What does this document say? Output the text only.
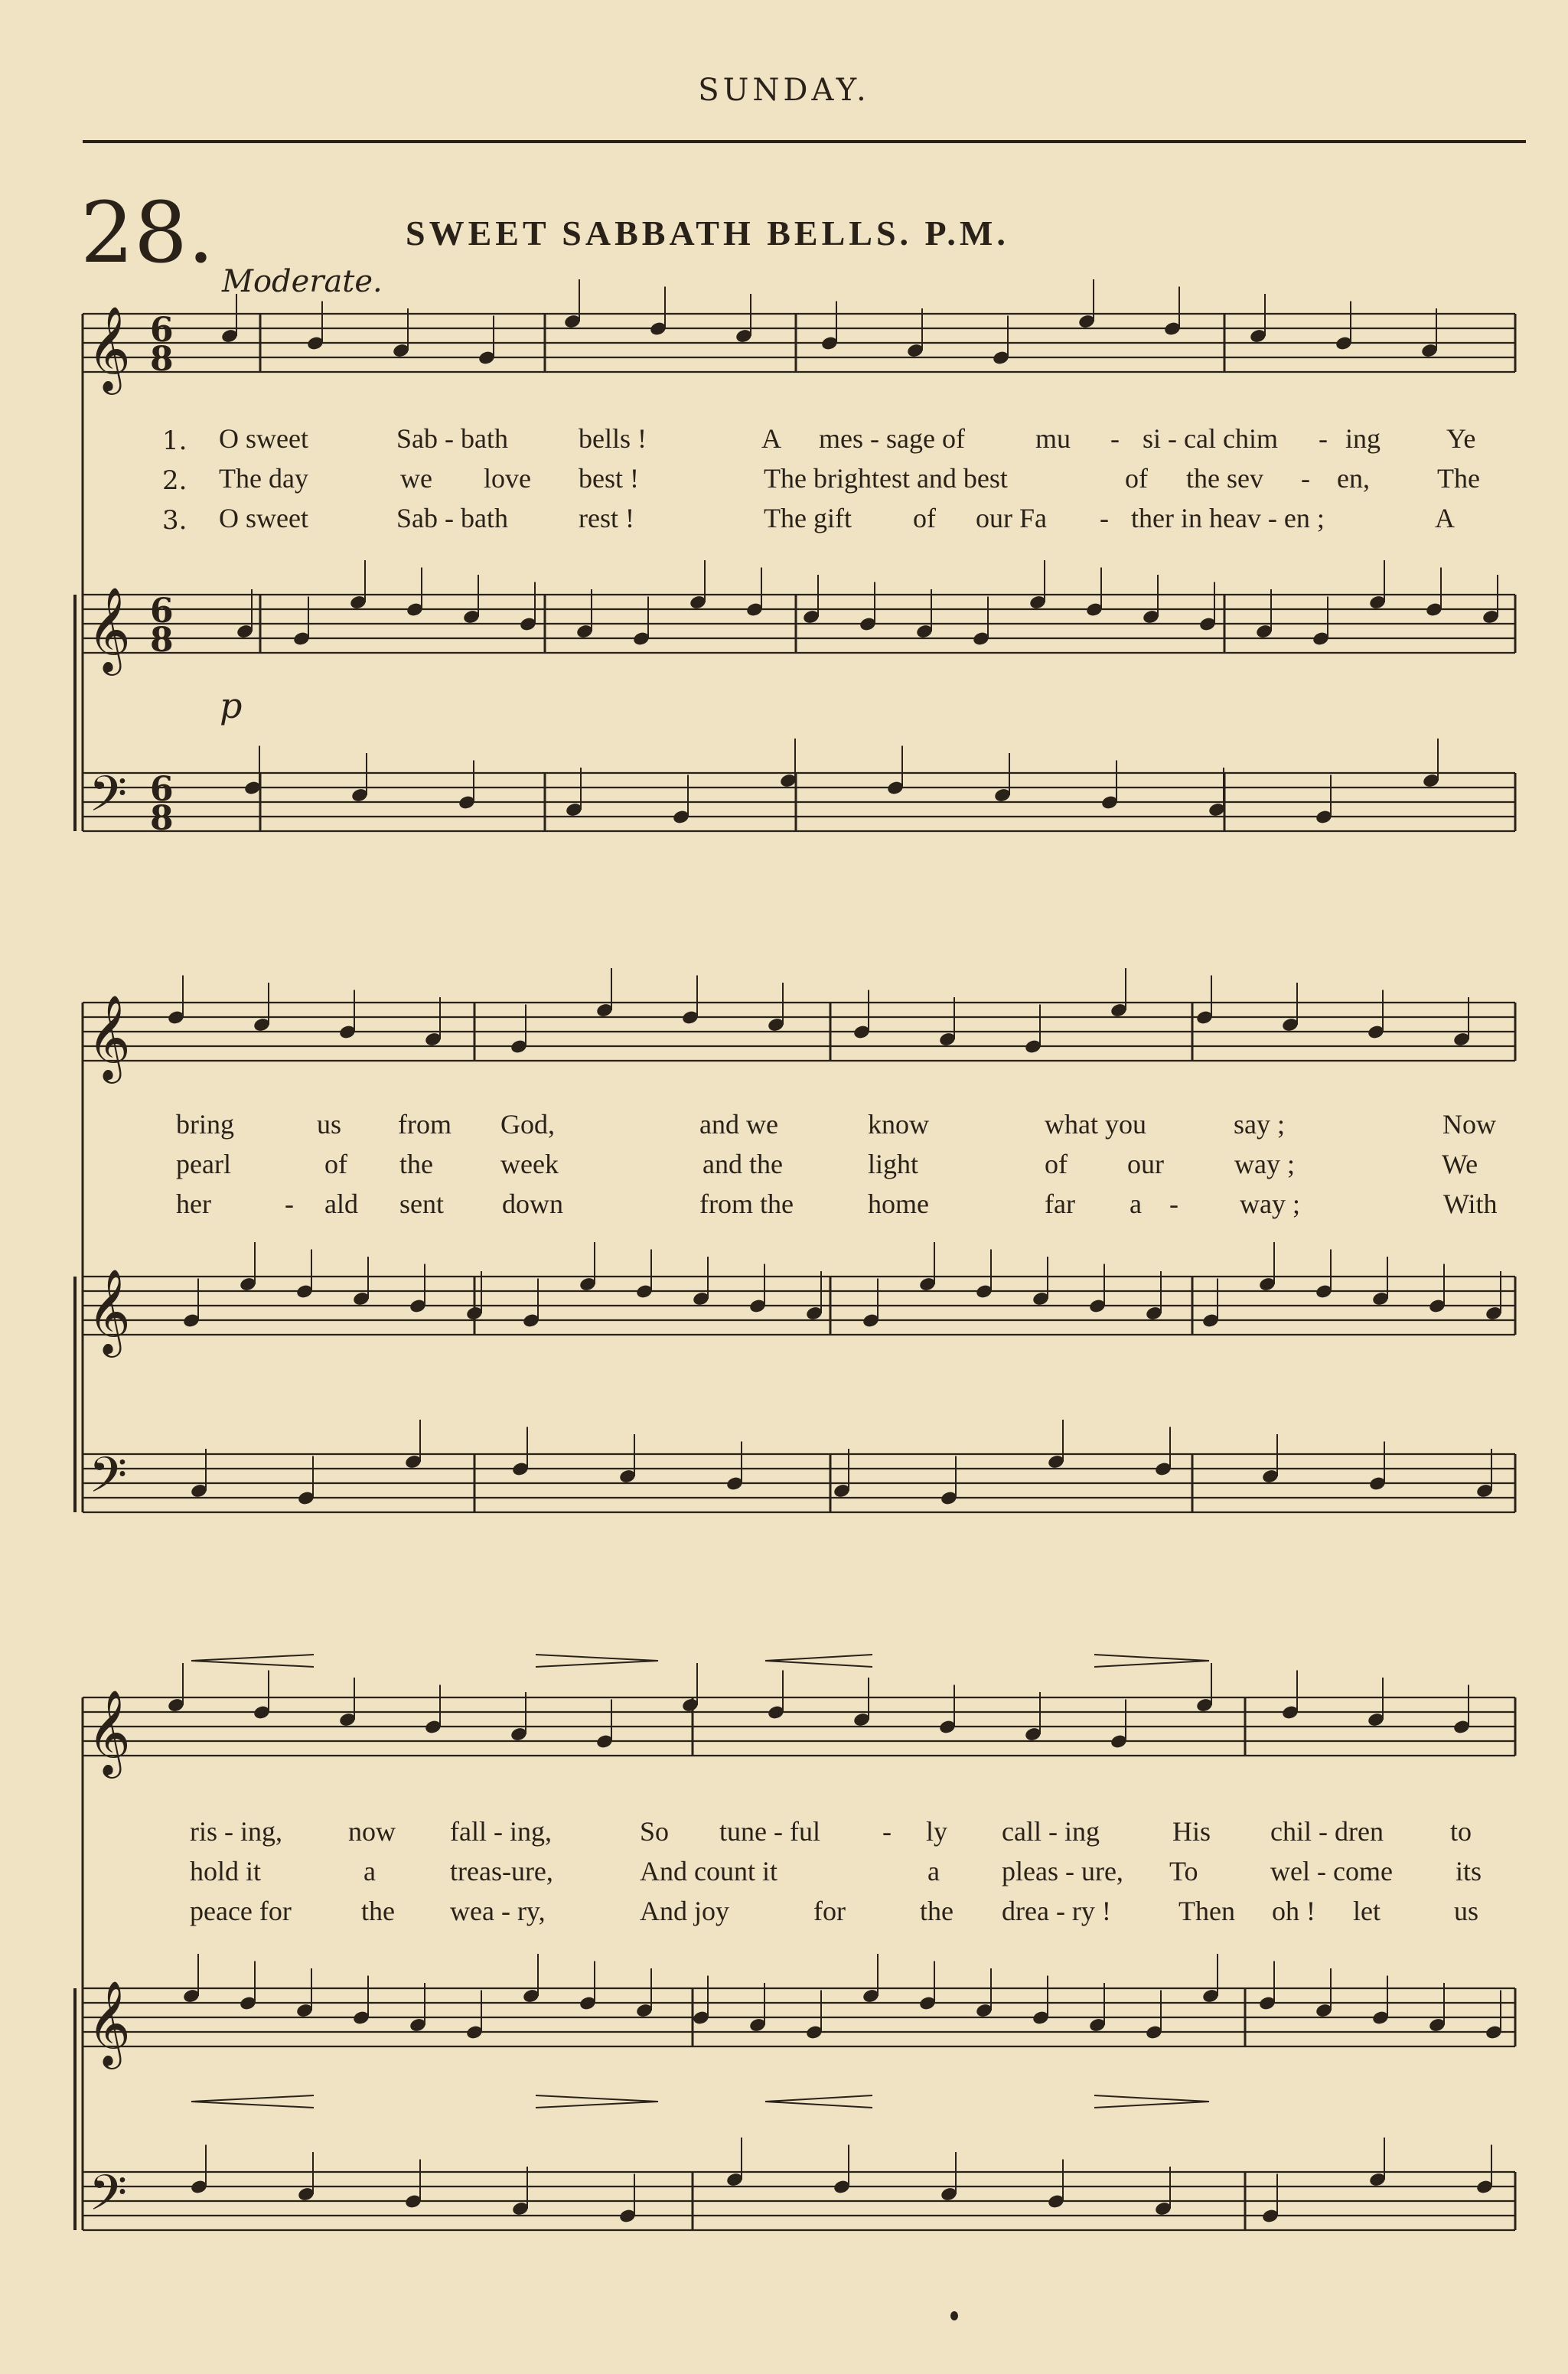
SUNDAY.
28.	SWEET SABBATH BELLS. P.M.
Moderate.
p
𝄞
𝄞
𝄢
6
8
6
8
6
8
𝄞
𝄞
𝄢
𝄞
𝄞
𝄢
1.
2.
3.
O sweet	Sab - bath	bells !	A mes - sage of	mu - si - cal chim - ing Ye
The day	we love best !	The brightest and best	of the sev - en, The
O sweet	Sab - bath	rest !	The gift of our Fa - ther in heav - en ;	A
bring	us from God,	and we	know	what you	say ;	Now
pearl	of the week	and the	light	of our	way ;	We
her	- ald sent down	from the	home	far a - way ;	With
ris - ing, now fall - ing,	So tune - ful - ly call - ing	His chil - dren to
hold it	a	treas-ure,	And count it	a pleas - ure, To	wel - come its
peace for	the wea - ry,	And joy	for	the drea - ry ! Then oh ! let	us
